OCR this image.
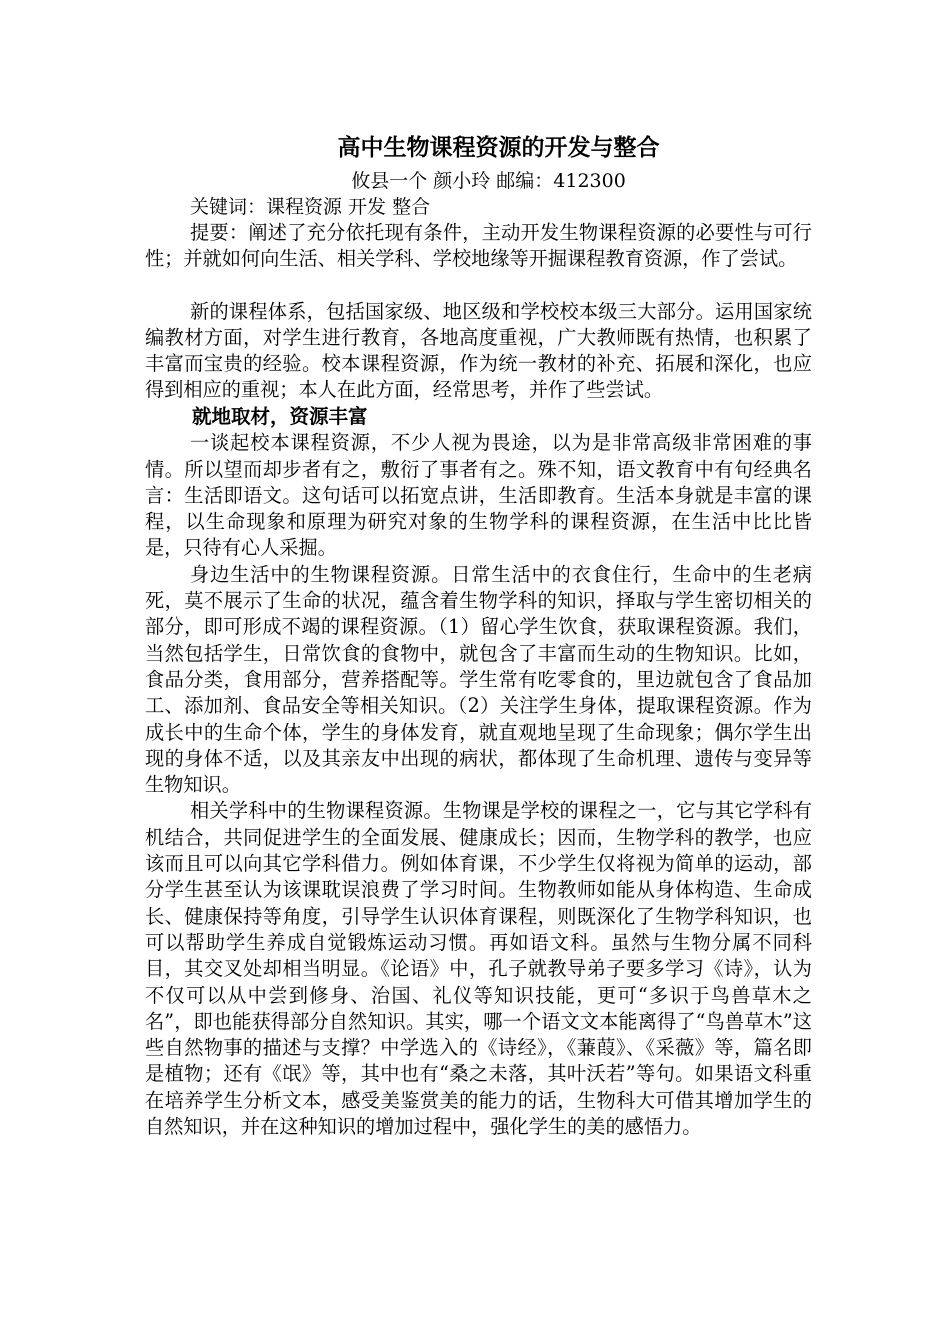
高中生物课程资源的开发与整合
攸县一个 颜小玲 邮编：412300
关键词：课程资源 开发 整合

提要：阐述了充分依托现有条件，主动开发生物课程资源的必要性与可行性；并就如何向生活、相关学科、学校地缘等开掘课程教育资源，作了尝试。

新的课程体系，包括国家级、地区级和学校校本级三大部分。运用国家统编教材方面，对学生进行教育，各地高度重视，广大教师既有热情，也积累了丰富而宝贵的经验。校本课程资源，作为统一教材的补充、拓展和深化，也应得到相应的重视；本人在此方面，经常思考，并作了些尝试。

就地取材，资源丰富

一谈起校本课程资源，不少人视为畏途，以为是非常高级非常困难的事情。所以望而却步者有之，敷衍了事者有之。殊不知，语文教育中有句经典名言：生活即语文。这句话可以拓宽点讲，生活即教育。生活本身就是丰富的课程，以生命现象和原理为研究对象的生物学科的课程资源，在生活中比比皆是，只待有心人采掘。

身边生活中的生物课程资源。日常生活中的衣食住行，生命中的生老病死，莫不展示了生命的状况，蕴含着生物学科的知识，择取与学生密切相关的部分，即可形成不竭的课程资源。（1）留心学生饮食，获取课程资源。我们，当然包括学生，日常饮食的食物中，就包含了丰富而生动的生物知识。比如，食品分类，食用部分，营养搭配等。学生常有吃零食的，里边就包含了食品加工、添加剂、食品安全等相关知识。（2）关注学生身体，提取课程资源。作为成长中的生命个体，学生的身体发育，就直观地呈现了生命现象；偶尔学生出现的身体不适，以及其亲友中出现的病状，都体现了生命机理、遗传与变异等生物知识。

相关学科中的生物课程资源。生物课是学校的课程之一，它与其它学科有机结合，共同促进学生的全面发展、健康成长；因而，生物学科的教学，也应该而且可以向其它学科借力。例如体育课，不少学生仅将视为简单的运动，部分学生甚至认为该课耽误浪费了学习时间。生物教师如能从身体构造、生命成长、健康保持等角度，引导学生认识体育课程，则既深化了生物学科知识，也可以帮助学生养成自觉锻炼运动习惯。再如语文科。虽然与生物分属不同科目，其交叉处却相当明显。《论语》中，孔子就教导弟子要多学习《诗》，认为不仅可以从中尝到修身、治国、礼仪等知识技能，更可“多识于鸟兽草木之名”，即也能获得部分自然知识。其实，哪一个语文文本能离得了“鸟兽草木”这些自然物事的描述与支撑？中学选入的《诗经》，《蒹葭》、《采薇》等，篇名即是植物；还有《氓》等，其中也有“桑之未落，其叶沃若”等句。如果语文科重在培养学生分析文本，感受美鉴赏美的能力的话，生物科大可借其增加学生的自然知识，并在这种知识的增加过程中，强化学生的美的感悟力。
